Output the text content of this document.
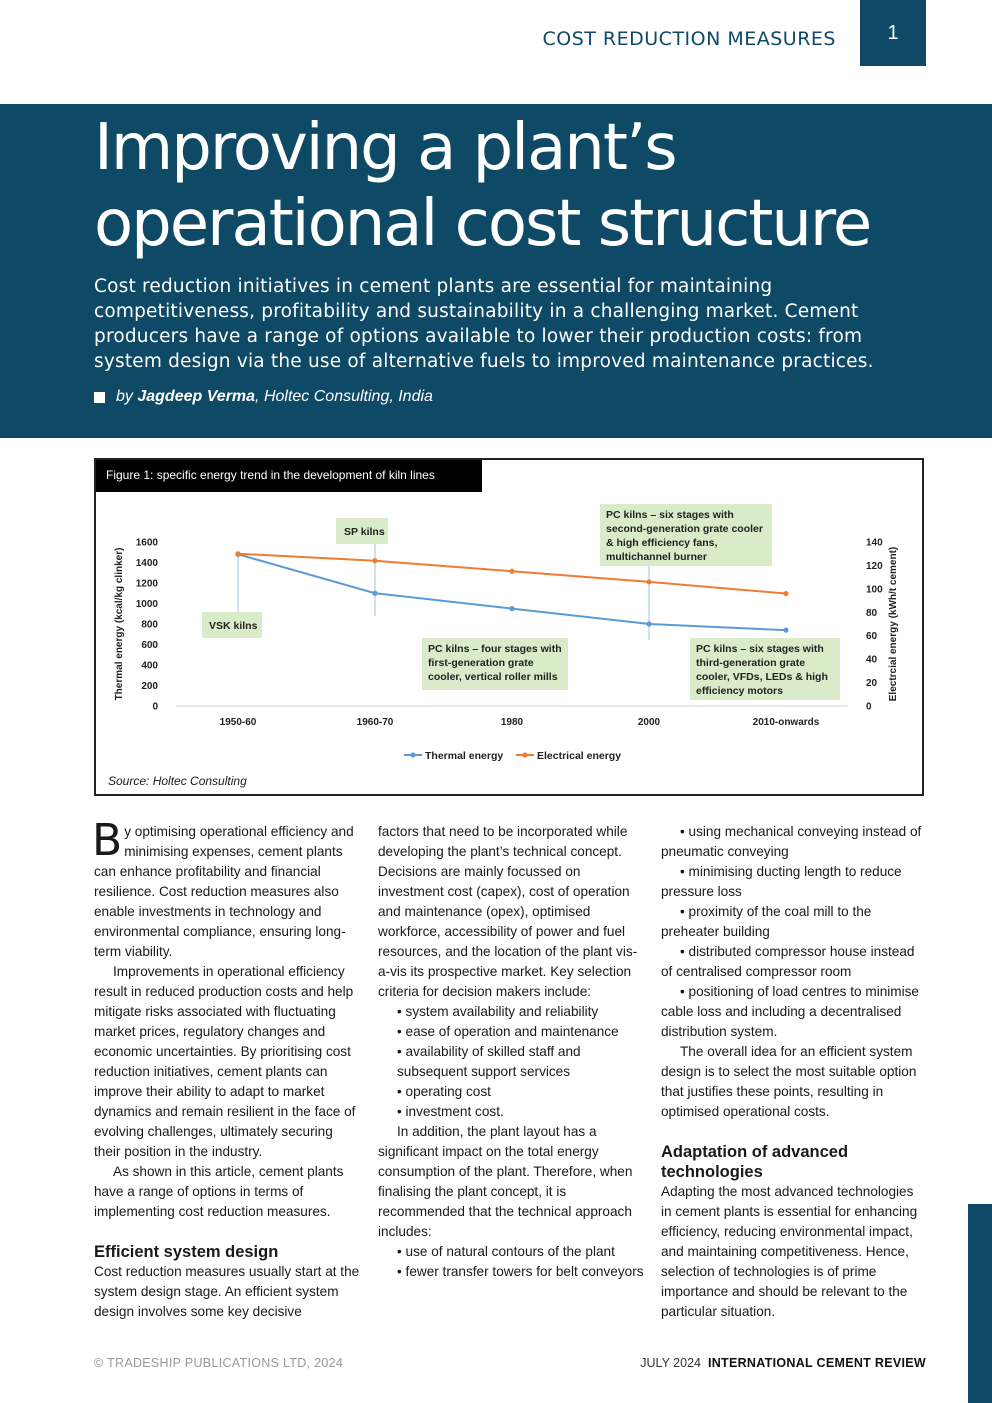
COST REDUCTION MEASURES	1
Improving a plant’s operational cost structure

Cost reduction initiatives in cement plants are essential for maintaining competitiveness, profitability and sustainability in a challenging market. Cement producers have a range of options available to lower their production costs: from system design via the use of alternative fuels to improved maintenance practices.

by
Jagdeep Verma , Holtec Consulting, India
0
200
400
600
800
1000
1200
1400
1600
0
20
40
60
80
100
120
140
1950-60	1960-70	1980	2000	2010-onwards
Thermal energy (kcal/kg clinker)	Electrcial energy (kWh/t cement)
SP kilns
PC kilns – six stages with second-generation grate cooler & high efficiency fans, multichannel burner
VSK kilns
PC kilns – four stages with first-generation grate cooler, vertical roller mills
PC kilns – six stages with third-generation grate cooler, VFDs, LEDs & high efficiency motors
Thermal energy	Electrical energy
Figure 1: specific energy trend in the development of kiln lines
Source: Holtec Consulting

By optimising operational efficiency and minimising expenses, cement plants can enhance profitability and financial resilience. Cost reduction measures also enable investments in technology and environmental compliance, ensuring long-term viability.

Improvements in operational efficiency result in reduced production costs and help mitigate risks associated with fluctuating market prices, regulatory changes and economic uncertainties. By prioritising cost reduction initiatives, cement plants can improve their ability to adapt to market dynamics and remain resilient in the face of evolving challenges, ultimately securing their position in the industry.

As shown in this article, cement plants have a range of options in terms of implementing cost reduction measures.

Efficient system design

Cost reduction measures usually start at the system design stage. An efficient system design involves some key decisive

factors that need to be incorporated while developing the plant’s technical concept. Decisions are mainly focussed on investment cost (capex), cost of operation and maintenance (opex), optimised workforce, accessibility of power and fuel resources, and the location of the plant vis-a-vis its prospective market. Key selection criteria for decision makers include:

• system availability and reliability

• ease of operation and maintenance

• availability of skilled staff and subsequent support services

• operating cost

• investment cost.

In addition, the plant layout has a significant impact on the total energy consumption of the plant. Therefore, when finalising the plant concept, it is recommended that the technical approach includes:

• use of natural contours of the plant

• fewer transfer towers for belt conveyors

• using mechanical conveying instead of pneumatic conveying

• minimising ducting length to reduce pressure loss

• proximity of the coal mill to the preheater building

• distributed compressor house instead of centralised compressor room

• positioning of load centres to minimise cable loss and including a decentralised distribution system.

The overall idea for an efficient system design is to select the most suitable option that justifies these points, resulting in optimised operational costs.

Adaptation of advanced technologies

Adapting the most advanced technologies in cement plants is essential for enhancing efficiency, reducing environmental impact, and maintaining competitiveness. Hence, selection of technologies is of prime importance and should be relevant to the particular situation.

© TRADESHIP PUBLICATIONS LTD, 2024	JULY 2024 INTERNATIONAL CEMENT REVIEW
